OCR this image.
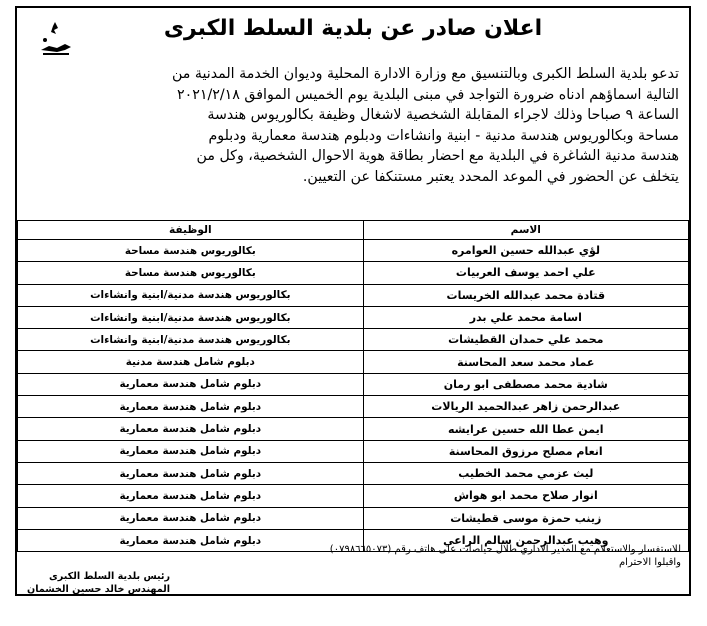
اعلان صادر عن بلدية السلط الكبرى
تدعو بلدية السلط الكبرى وبالتنسيق مع وزارة الادارة المحلية وديوان الخدمة المدنية من
التالية اسماؤهم ادناه ضرورة التواجد في مبنى البلدية يوم الخميس الموافق ٢٠٢١/٢/١٨
الساعة ٩ صباحا وذلك لاجراء المقابلة الشخصية لاشغال وظيفة بكالوريوس هندسة
مساحة وبكالوريوس هندسة مدنية - ابنية وانشاءات ودبلوم هندسة معمارية ودبلوم
هندسة مدنية الشاغرة في البلدية مع احضار بطاقة هوية الاحوال الشخصية، وكل من
يتخلف عن الحضور في الموعد المحدد يعتبر مستنكفا عن التعيين.
الاسم	الوظيفة
لؤي عبدالله حسين العوامره	بكالوريوس هندسة مساحة
علي احمد يوسف العربيات	بكالوريوس هندسة مساحة
قتادة محمد عبدالله الخريسات	بكالوريوس هندسة مدنية/ابنية وانشاءات
اسامة محمد علي بدر	بكالوريوس هندسة مدنية/ابنية وانشاءات
محمد علي حمدان القطيشات	بكالوريوس هندسة مدنية/ابنية وانشاءات
عماد محمد سعد المحاسنة	دبلوم شامل هندسة مدنية
شادية محمد مصطفى ابو رمان	دبلوم شامل هندسة معمارية
عبدالرحمن زاهر عبدالحميد الريالات	دبلوم شامل هندسة معمارية
ايمن عطا الله حسين عرايشه	دبلوم شامل هندسة معمارية
انعام مصلح مرزوق المحاسنة	دبلوم شامل هندسة معمارية
ليث عزمي محمد الخطيب	دبلوم شامل هندسة معمارية
انوار صلاح محمد ابو هواش	دبلوم شامل هندسة معمارية
زينب حمزة موسى قطيشات	دبلوم شامل هندسة معمارية
وهيب عبدالرحمن سالم الراعي	دبلوم شامل هندسة معمارية
للاستفسار والاستعلام مع المدير الاداري طلال حياصات على هاتف رقم (٠٧٩٨٦٦٥٠٧٣)
واقبلوا الاحترام
رئيس بلدية السلط الكبرى
المهندس خالد حسين الخشمان
